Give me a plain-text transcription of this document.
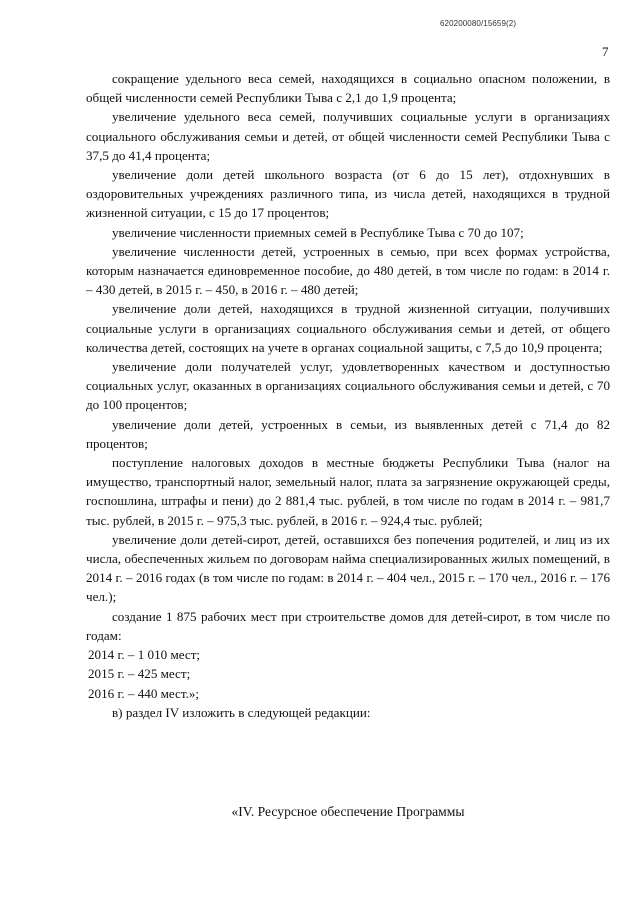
620200080/15659(2)
7

сокращение удельного веса семей, находящихся в социально опасном положении, в общей численности семей Республики Тыва с 2,1 до 1,9 процента;

увеличение удельного веса семей, получивших социальные услуги в организациях социального обслуживания семьи и детей, от общей численности семей Республики Тыва с 37,5 до 41,4 процента;

увеличение доли детей школьного возраста (от 6 до 15 лет), отдохнувших в оздоровительных учреждениях различного типа, из числа детей, находящихся в трудной жизненной ситуации, с 15 до 17 процентов;

увеличение численности приемных семей в Республике Тыва с 70 до 107;

увеличение численности детей, устроенных в семью, при всех формах устройства, которым назначается единовременное пособие, до 480 детей, в том числе по годам: в 2014 г. – 430 детей, в 2015 г. – 450, в 2016 г. – 480 детей;

увеличение доли детей, находящихся в трудной жизненной ситуации, получивших социальные услуги в организациях социального обслуживания семьи и детей, от общего количества детей, состоящих на учете в органах социальной защиты, с 7,5 до 10,9 процента;

увеличение доли получателей услуг, удовлетворенных качеством и доступностью социальных услуг, оказанных в организациях социального обслуживания семьи и детей, с 70 до 100 процентов;

увеличение доли детей, устроенных в семьи, из выявленных детей с 71,4 до 82 процентов;

поступление налоговых доходов в местные бюджеты Республики Тыва (налог на имущество, транспортный налог, земельный налог, плата за загрязнение окружающей среды, госпошлина, штрафы и пени) до 2 881,4 тыс. рублей, в том числе по годам в 2014 г. – 981,7 тыс. рублей, в 2015 г. – 975,3 тыс. рублей, в 2016 г. – 924,4 тыс. рублей;

увеличение доли детей-сирот, детей, оставшихся без попечения родителей, и лиц из их числа, обеспеченных жильем по договорам найма специализированных жилых помещений, в 2014 г. – 2016 годах (в том числе по годам: в 2014 г. – 404 чел., 2015 г. – 170 чел., 2016 г. – 176 чел.);

создание 1 875 рабочих мест при строительстве домов для детей-сирот, в том числе по годам:

2014 г. – 1 010 мест;
2015 г. – 425 мест;
2016 г. – 440 мест.»;

в) раздел IV изложить в следующей редакции:

«IV. Ресурсное обеспечение Программы
